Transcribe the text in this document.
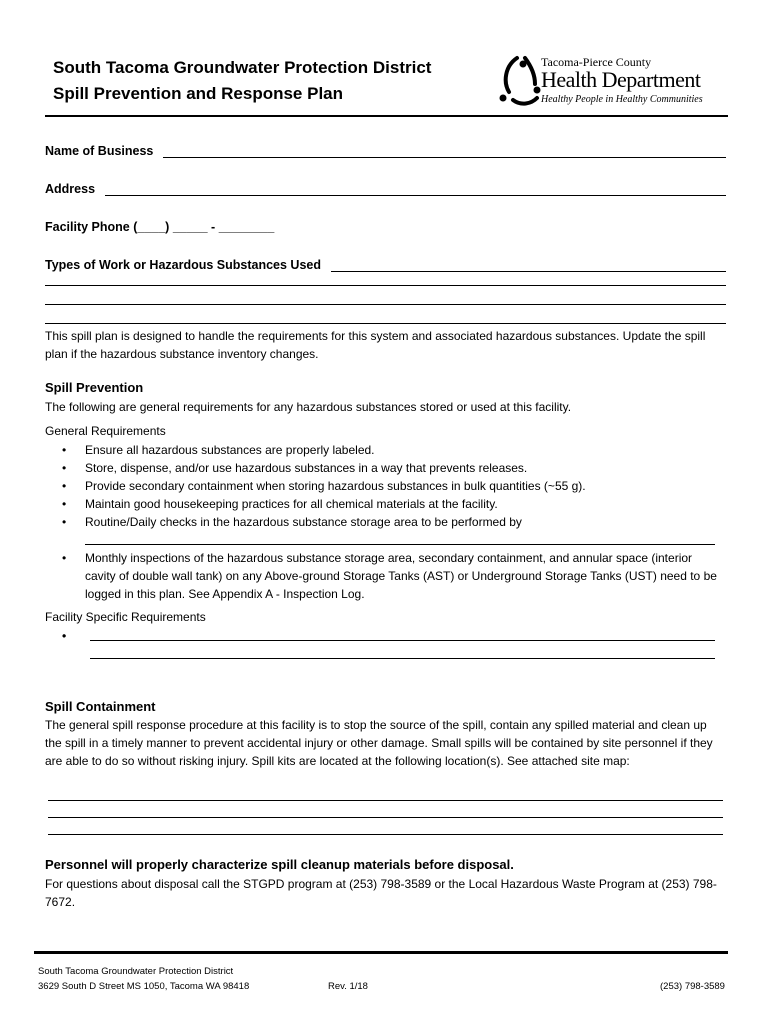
South Tacoma Groundwater Protection District
Spill Prevention and Response Plan
Tacoma-Pierce County
Health Department
Healthy People in Healthy Communities
Name of Business
Address
Facility Phone (____) _____ - ________
Types of Work or Hazardous Substances Used
This spill plan is designed to handle the requirements for this system and associated hazardous substances. Update the spill plan if the hazardous substance inventory changes.
Spill Prevention
The following are general requirements for any hazardous substances stored or used at this facility.
General Requirements
• Ensure all hazardous substances are properly labeled.
• Store, dispense, and/or use hazardous substances in a way that prevents releases.
• Provide secondary containment when storing hazardous substances in bulk quantities (~55 g).
• Maintain good housekeeping practices for all chemical materials at the facility.
• Routine/Daily checks in the hazardous substance storage area to be performed by
• Monthly inspections of the hazardous substance storage area, secondary containment, and annular space (interior cavity of double wall tank) on any Above-ground Storage Tanks (AST) or Underground Storage Tanks (UST) need to be logged in this plan. See Appendix A - Inspection Log.
Facility Specific Requirements
Spill Containment
The general spill response procedure at this facility is to stop the source of the spill, contain any spilled material and clean up the spill in a timely manner to prevent accidental injury or other damage. Small spills will be contained by site personnel if they are able to do so without risking injury. Spill kits are located at the following location(s). See attached site map:
Personnel will properly characterize spill cleanup materials before disposal.
For questions about disposal call the STGPD program at (253) 798-3589 or the Local Hazardous Waste Program at (253) 798-7672.
South Tacoma Groundwater Protection District
3629 South D Street MS 1050, Tacoma WA 98418	Rev. 1/18	(253) 798-3589
